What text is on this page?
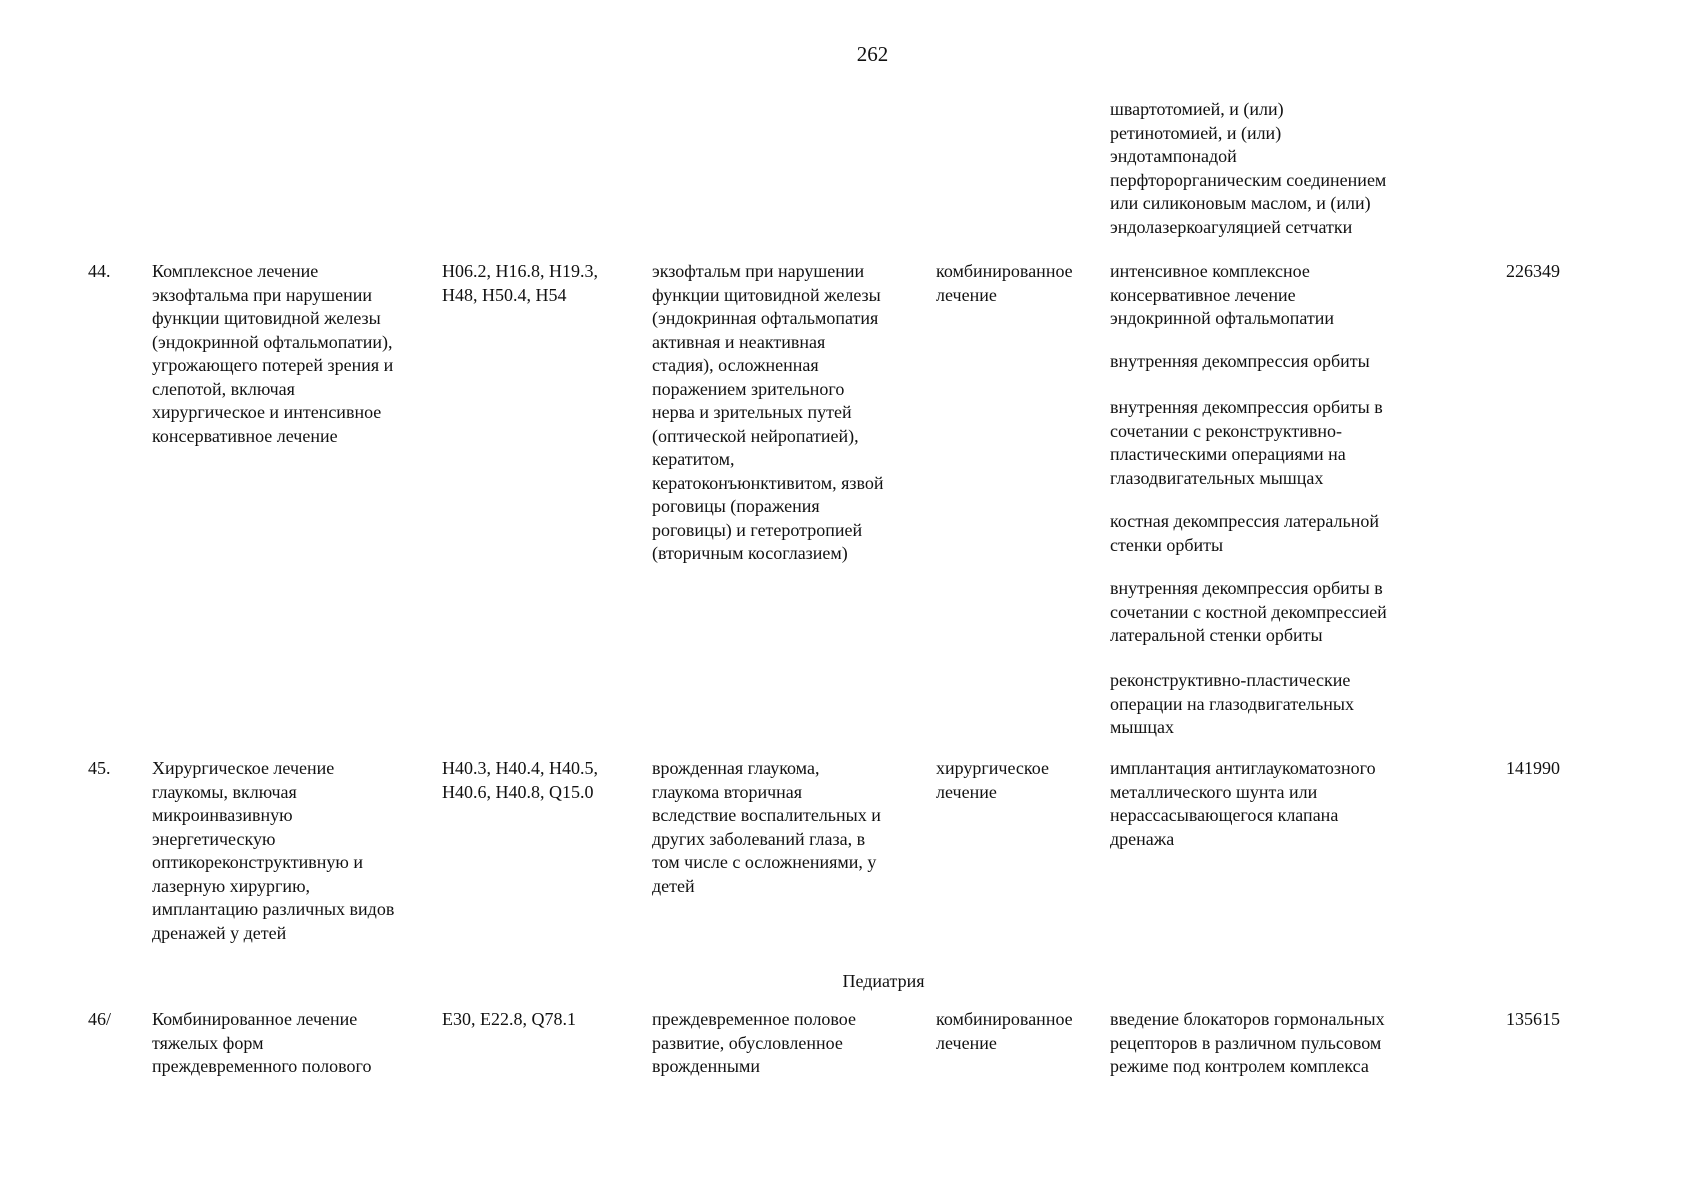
262
швартотомией, и (или)
ретинотомией, и (или)
эндотампонадой
перфторорганическим соединением
или силиконовым маслом, и (или)
эндолазеркоагуляцией сетчатки
44. Комплексное лечение
экзофтальма при нарушении
функции щитовидной железы
(эндокринной офтальмопатии),
угрожающего потерей зрения и
слепотой, включая
хирургическое и интенсивное
консервативное лечение
H06.2, H16.8, H19.3,
H48, H50.4, H54
экзофтальм при нарушении
функции щитовидной железы
(эндокринная офтальмопатия
активная и неактивная
стадия), осложненная
поражением зрительного
нерва и зрительных путей
(оптической нейропатией),
кератитом,
кератоконъюнктивитом, язвой
роговицы (поражения
роговицы) и гетеротропией
(вторичным косоглазием)
комбинированное
лечение
интенсивное комплексное
консервативное лечение
эндокринной офтальмопатии
внутренняя декомпрессия орбиты
внутренняя декомпрессия орбиты в
сочетании с реконструктивно-
пластическими операциями на
глазодвигательных мышцах
костная декомпрессия латеральной
стенки орбиты
внутренняя декомпрессия орбиты в
сочетании с костной декомпрессией
латеральной стенки орбиты
реконструктивно-пластические
операции на глазодвигательных
мышцах
226349
45. Хирургическое лечение
глаукомы, включая
микроинвазивную
энергетическую
оптикореконструктивную и
лазерную хирургию,
имплантацию различных видов
дренажей у детей
H40.3, H40.4, H40.5,
H40.6, H40.8, Q15.0
врожденная глаукома,
глаукома вторичная
вследствие воспалительных и
других заболеваний глаза, в
том числе с осложнениями, у
детей
хирургическое
лечение
имплантация антиглаукоматозного
металлического шунта или
нерассасывающегося клапана
дренажа
141990
Педиатрия
46/ Комбинированное лечение
тяжелых форм
преждевременного полового
E30, E22.8, Q78.1	преждевременное половое
развитие, обусловленное
врожденными
комбинированное
лечение
введение блокаторов гормональных
рецепторов в различном пульсовом
режиме под контролем комплекса
135615
